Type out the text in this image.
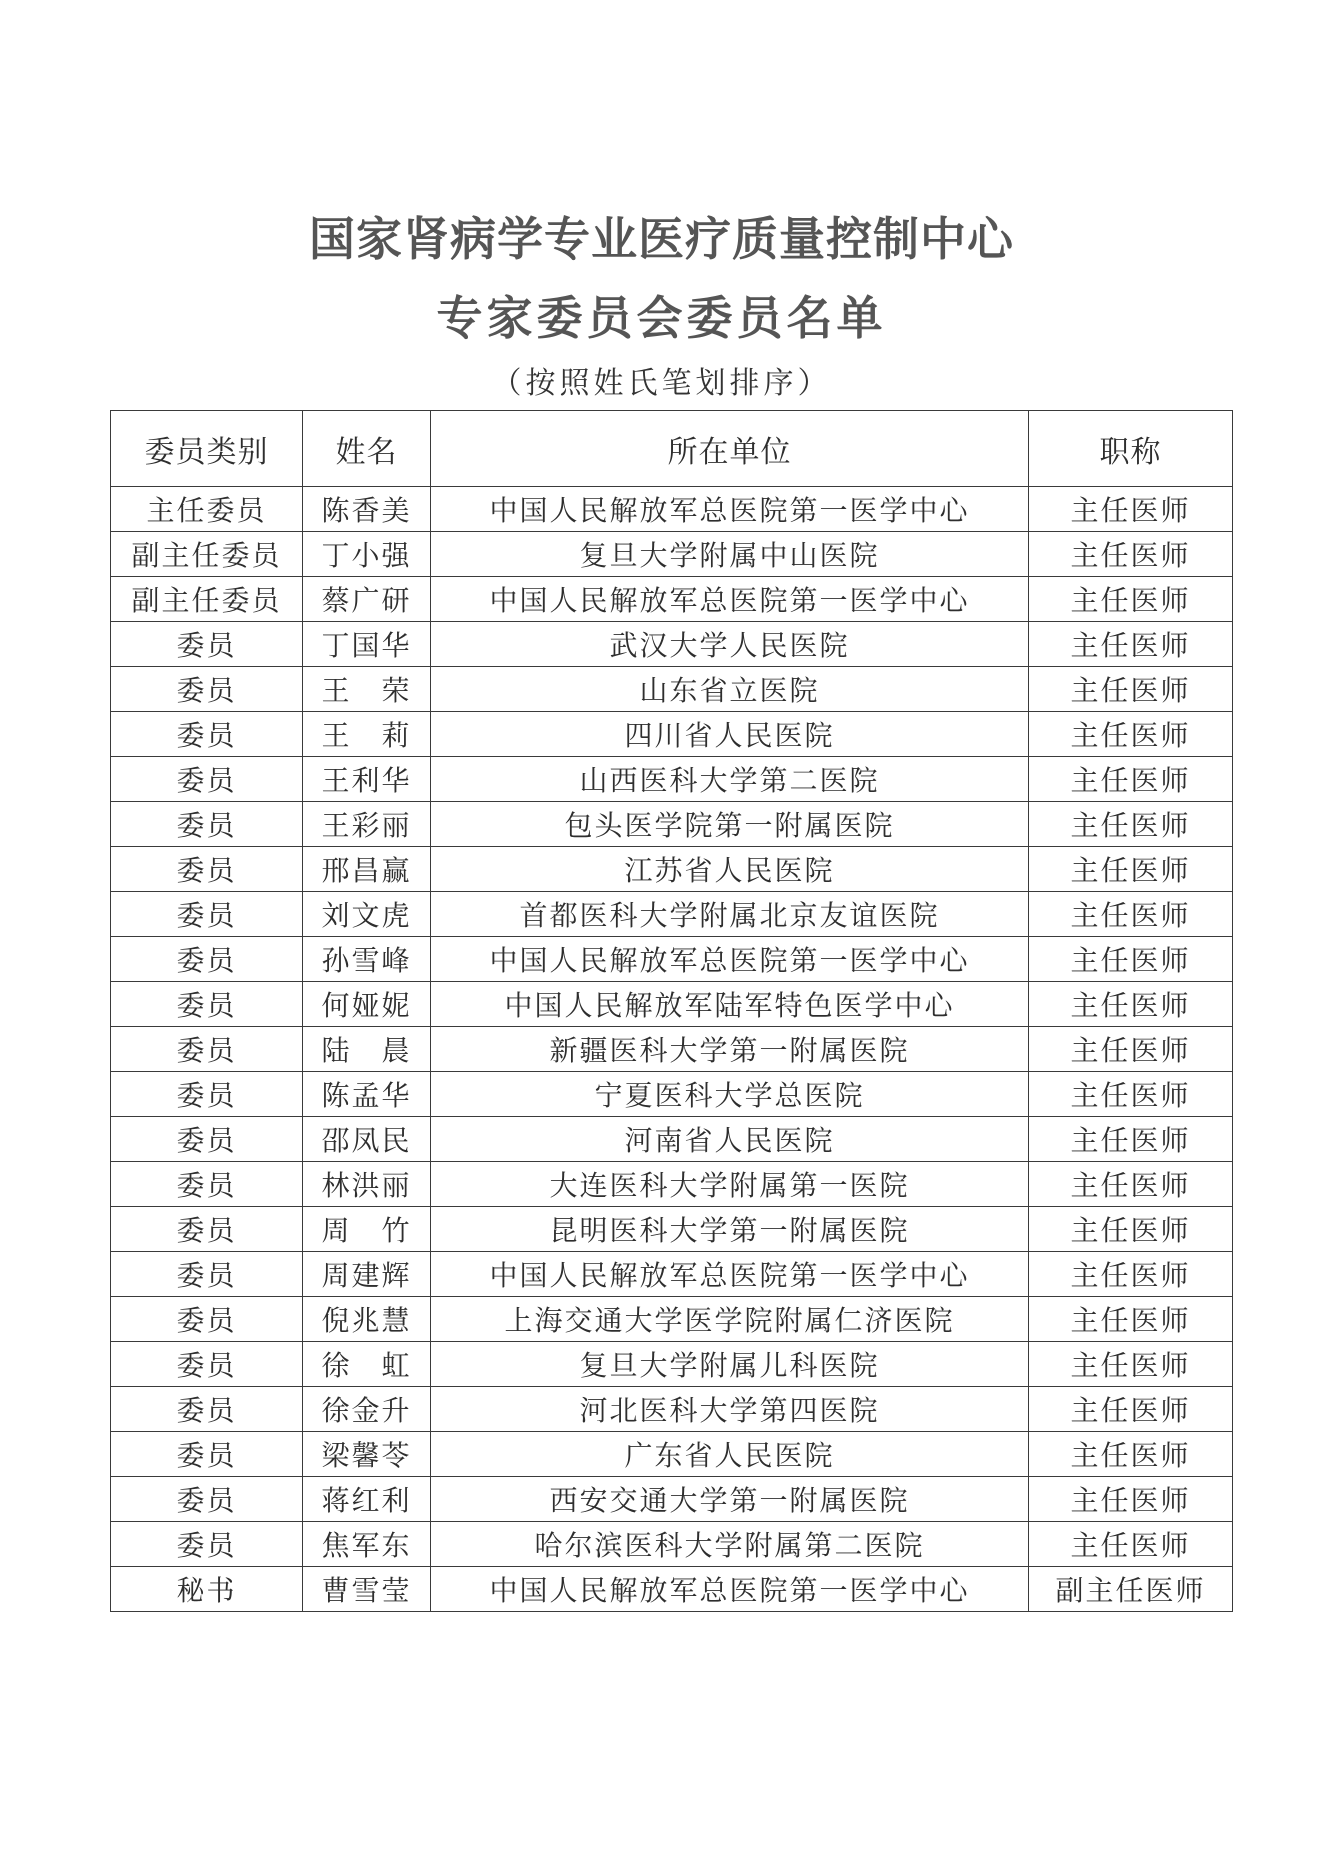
国家肾病学专业医疗质量控制中心
专家委员会委员名单
（按照姓氏笔划排序）
委员类别	姓名	所在单位	职称
主任委员	陈香美	中国人民解放军总医院第一医学中心	主任医师
副主任委员	丁小强	复旦大学附属中山医院	主任医师
副主任委员	蔡广研	中国人民解放军总医院第一医学中心	主任医师
委员	丁国华	武汉大学人民医院	主任医师
委员	王　荣	山东省立医院	主任医师
委员	王　莉	四川省人民医院	主任医师
委员	王利华	山西医科大学第二医院	主任医师
委员	王彩丽	包头医学院第一附属医院	主任医师
委员	邢昌赢	江苏省人民医院	主任医师
委员	刘文虎	首都医科大学附属北京友谊医院	主任医师
委员	孙雪峰	中国人民解放军总医院第一医学中心	主任医师
委员	何娅妮	中国人民解放军陆军特色医学中心	主任医师
委员	陆　晨	新疆医科大学第一附属医院	主任医师
委员	陈孟华	宁夏医科大学总医院	主任医师
委员	邵凤民	河南省人民医院	主任医师
委员	林洪丽	大连医科大学附属第一医院	主任医师
委员	周　竹	昆明医科大学第一附属医院	主任医师
委员	周建辉	中国人民解放军总医院第一医学中心	主任医师
委员	倪兆慧	上海交通大学医学院附属仁济医院	主任医师
委员	徐　虹	复旦大学附属儿科医院	主任医师
委员	徐金升	河北医科大学第四医院	主任医师
委员	梁馨苓	广东省人民医院	主任医师
委员	蒋红利	西安交通大学第一附属医院	主任医师
委员	焦军东	哈尔滨医科大学附属第二医院	主任医师
秘书	曹雪莹	中国人民解放军总医院第一医学中心	副主任医师
